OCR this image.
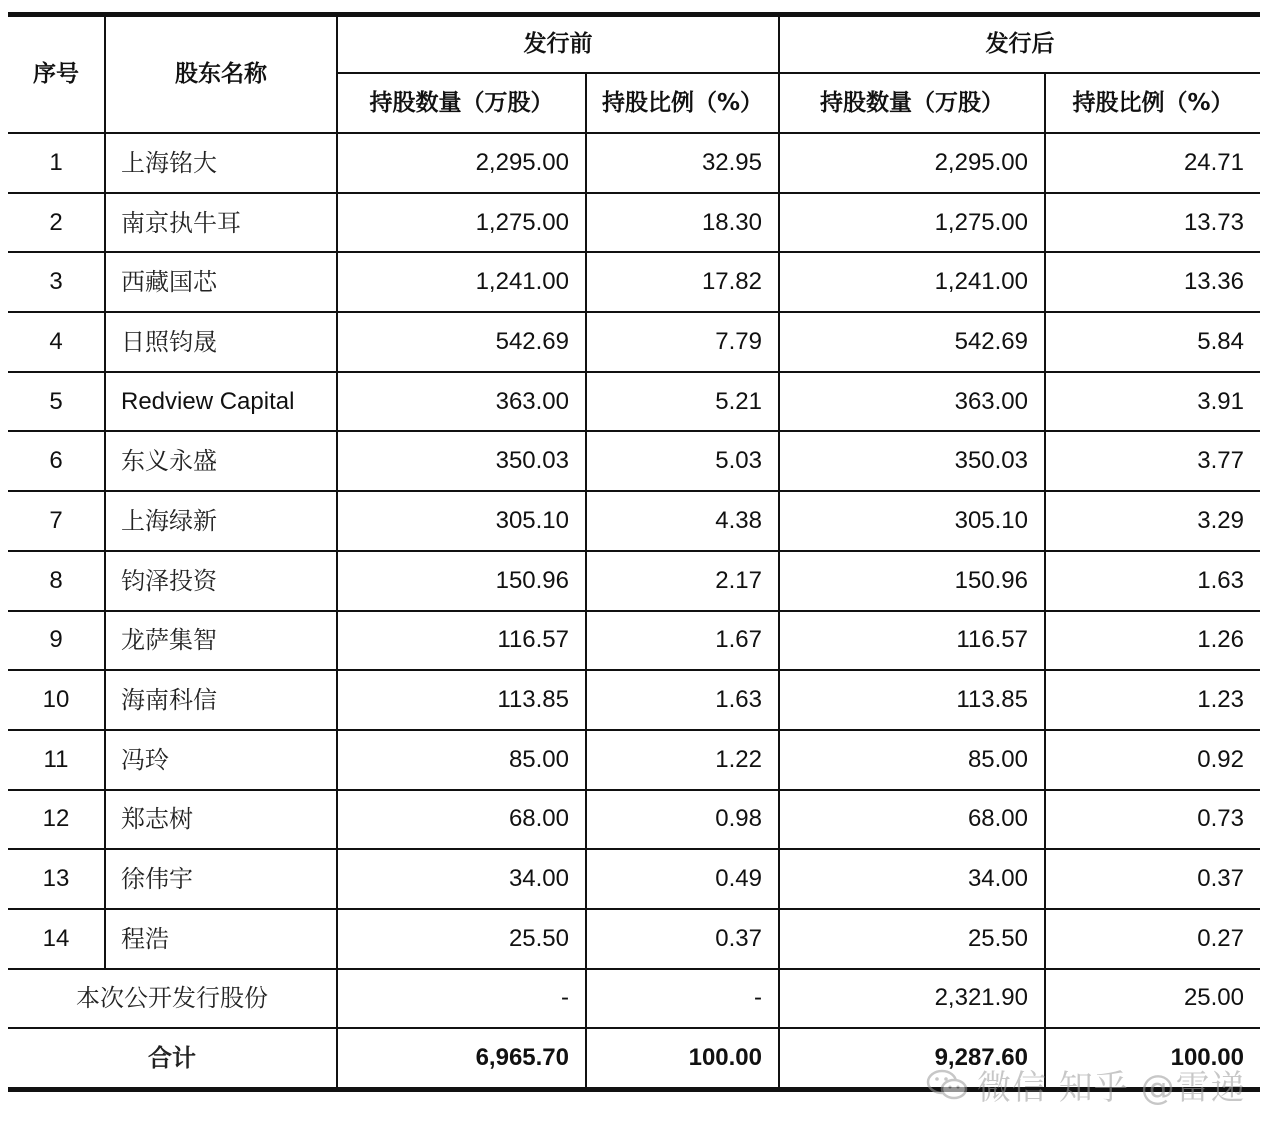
序号	股东名称	发行前		发行后	
		持股数量（万股）	持股比例（%）	持股数量（万股）	持股比例（%）
1	上海铭大	2,295.00	32.95	2,295.00	24.71
2	南京执牛耳	1,275.00	18.30	1,275.00	13.73
3	西藏国芯	1,241.00	17.82	1,241.00	13.36
4	日照钧晟	542.69	7.79	542.69	5.84
5	Redview Capital	363.00	5.21	363.00	3.91
6	东义永盛	350.03	5.03	350.03	3.77
7	上海绿新	305.10	4.38	305.10	3.29
8	钧泽投资	150.96	2.17	150.96	1.63
9	龙萨集智	116.57	1.67	116.57	1.26
10	海南科信	113.85	1.63	113.85	1.23
11	冯玲	85.00	1.22	85.00	0.92
12	郑志树	68.00	0.98	68.00	0.73
13	徐伟宇	34.00	0.49	34.00	0.37
14	程浩	25.50	0.37	25.50	0.27
本次公开发行股份		-	-	2,321.90	25.00
合计		6,965.70	100.00	9,287.60	100.00
微信 知乎 @雷递
